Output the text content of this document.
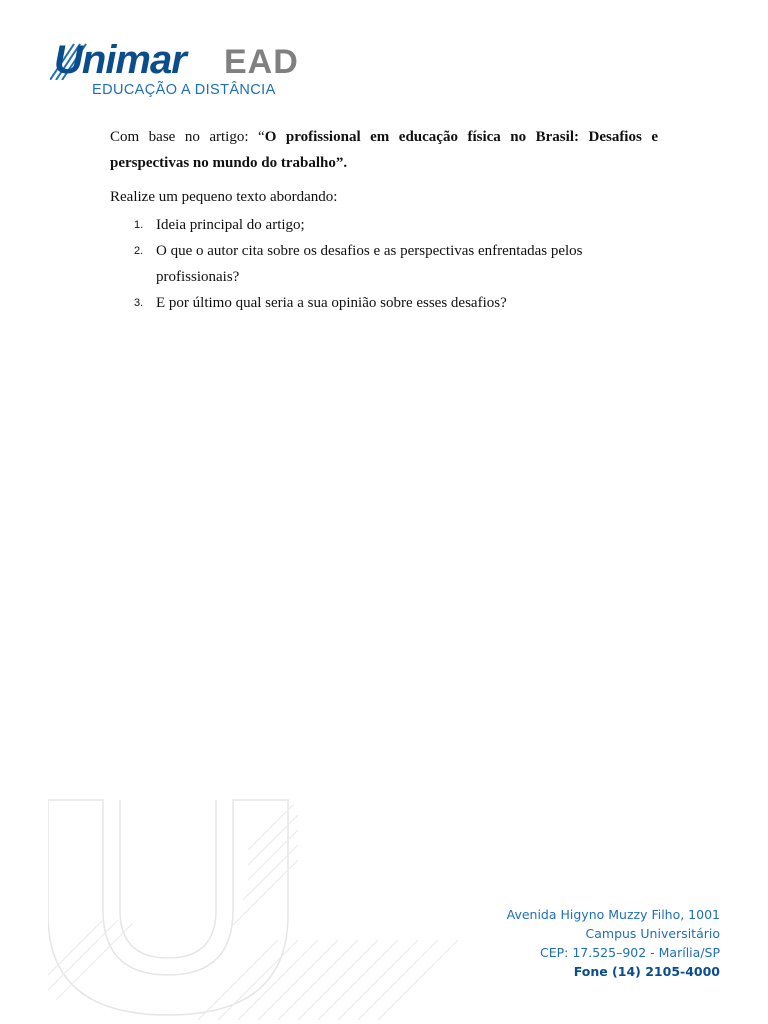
Unimar EAD
EDUCAÇÃO A DISTÂNCIA

Com base no artigo: “O profissional em educação física no Brasil: Desafios e perspectivas no mundo do trabalho”.

Realize um pequeno texto abordando:

1. Ideia principal do artigo;
2. O que o autor cita sobre os desafios e as perspectivas enfrentadas pelos profissionais?
3. E por último qual seria a sua opinião sobre esses desafios?
Avenida Higyno Muzzy Filho, 1001
Campus Universitário
CEP: 17.525–902 - Marília/SP
Fone (14) 2105-4000
